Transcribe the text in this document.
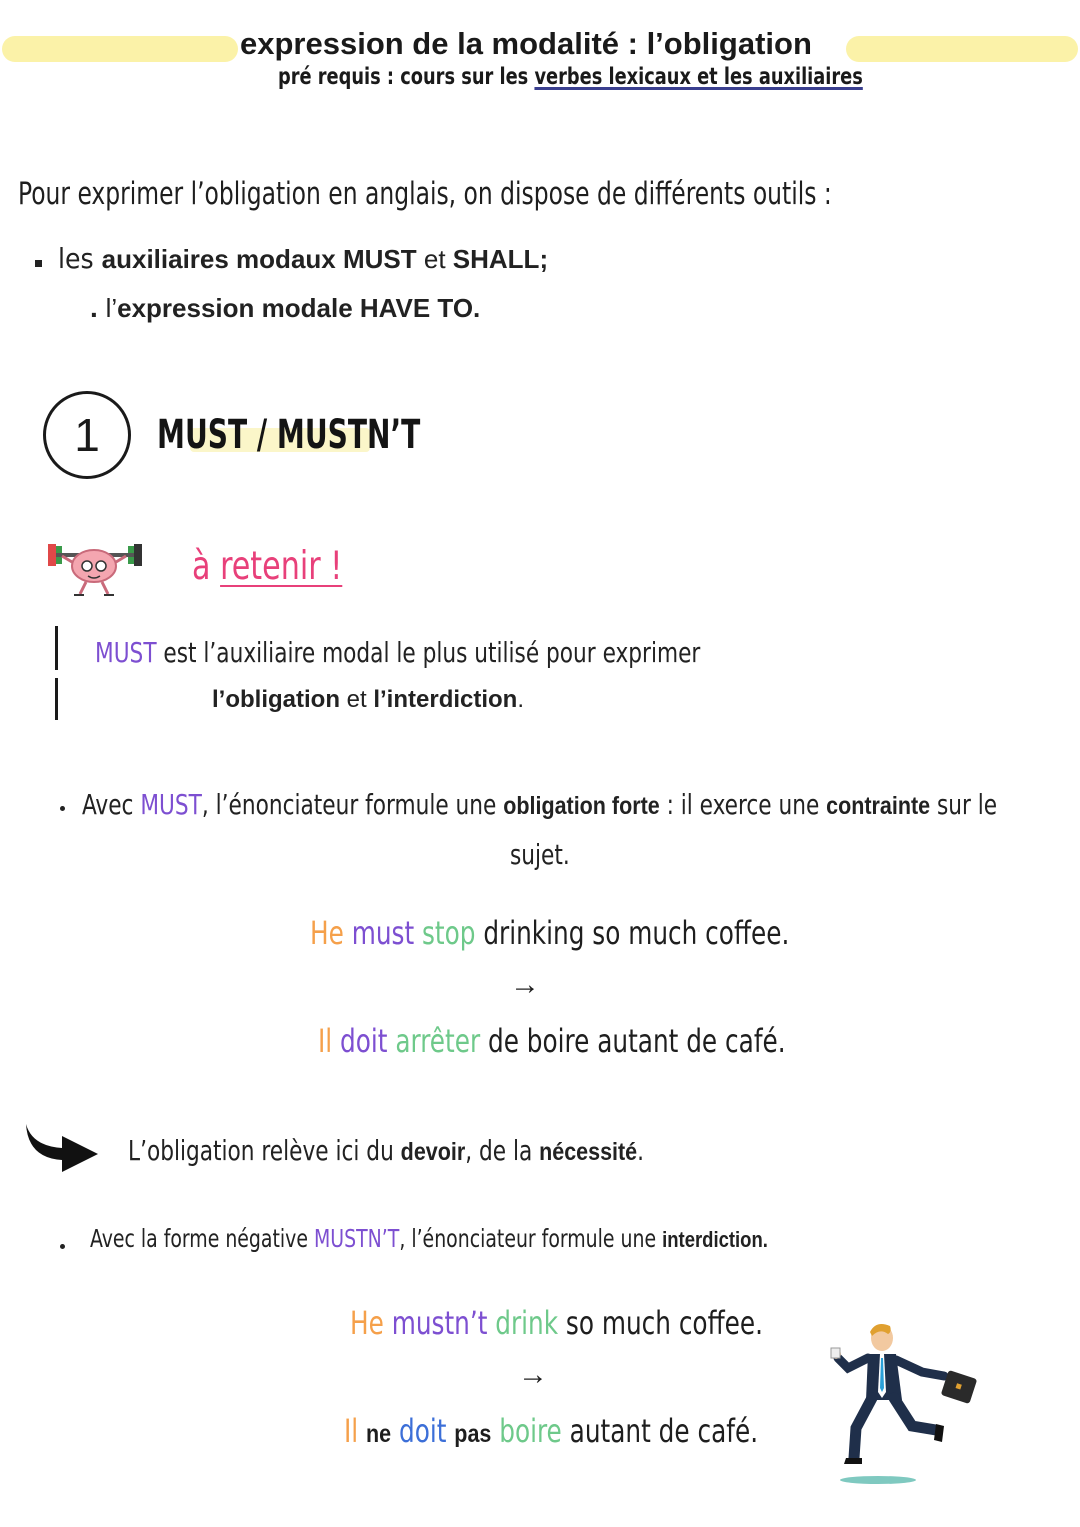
expression de la modalité : l’obligation
pré requis : cours sur les verbes lexicaux et les auxiliaires
Pour exprimer l’obligation en anglais, on dispose de différents outils :
les auxiliaires modaux MUST et SHALL;
. l’expression modale HAVE TO.
1	MUST / MUSTN’T
à retenir !
MUST est l’auxiliaire modal le plus utilisé pour exprimer
l’obligation et l’interdiction.
Avec MUST, l’énonciateur formule une obligation forte : il exerce une contrainte sur le
sujet.
He must stop drinking so much coffee.
→
Il doit arrêter de boire autant de café.
L’obligation relève ici du devoir, de la nécessité.
Avec la forme négative MUSTN’T, l’énonciateur formule une interdiction.
He mustn’t drink so much coffee.
→
Il ne doit pas boire autant de café.
